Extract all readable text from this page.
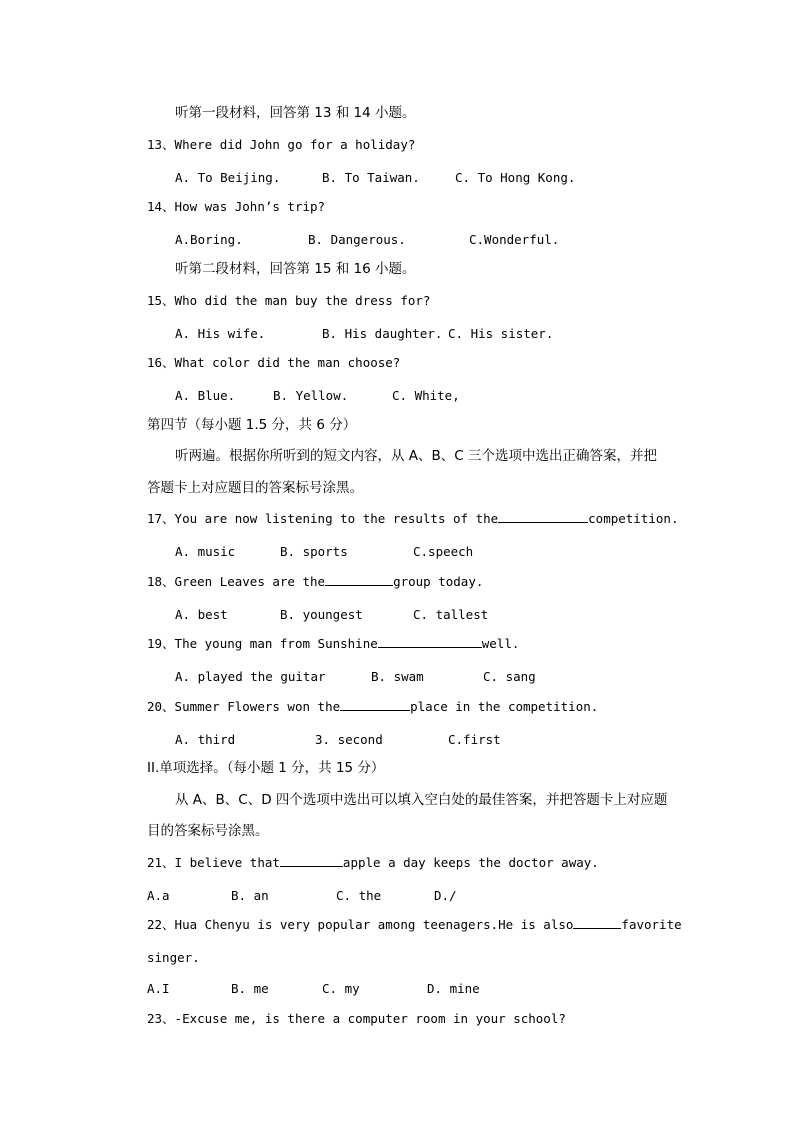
听第一段材料，回答第 13 和 14 小题。
13、Where did John go for a holiday?
A. To Beijing.	B. To Taiwan.	C. To Hong Kong.
14、How was John’s trip?
A.Boring.	B. Dangerous.	C.Wonderful.
听第二段材料，回答第 15 和 16 小题。
15、Who did the man buy the dress for?
A. His wife.	B. His daughter. C. His sister.
16、What color did the man choose?
A. Blue.	B. Yellow.	C. White,
第四节（每小题 1.5 分，共 6 分）
听两遍。根据你所听到的短文内容，从 A、B、C 三个选项中选出正确答案，并把
答题卡上对应题目的答案标号涂黑。
17、You are now listening to the results of the	competition.
A. music	B. sports	C.speech
18、Green Leaves are the	group today.
A. best	B. youngest	C. tallest
19、The young man from Sunshine	well.
A. played the guitar	B. swam	C. sang
20、Summer Flowers won the	place in the competition.
A. third	3. second	C.first
II.单项选择。（每小题 1 分，共 15 分）
从 A、B、C、D 四个选项中选出可以填入空白处的最佳答案，并把答题卡上对应题
目的答案标号涂黑。
21、I believe that	apple a day keeps the doctor away.
A.a	B. an	C. the	D./
22、Hua Chenyu is very popular among teenagers.He is also	favorite
singer.
A.I	B. me	C. my	D. mine
23、-Excuse me, is there a computer room in your school?
